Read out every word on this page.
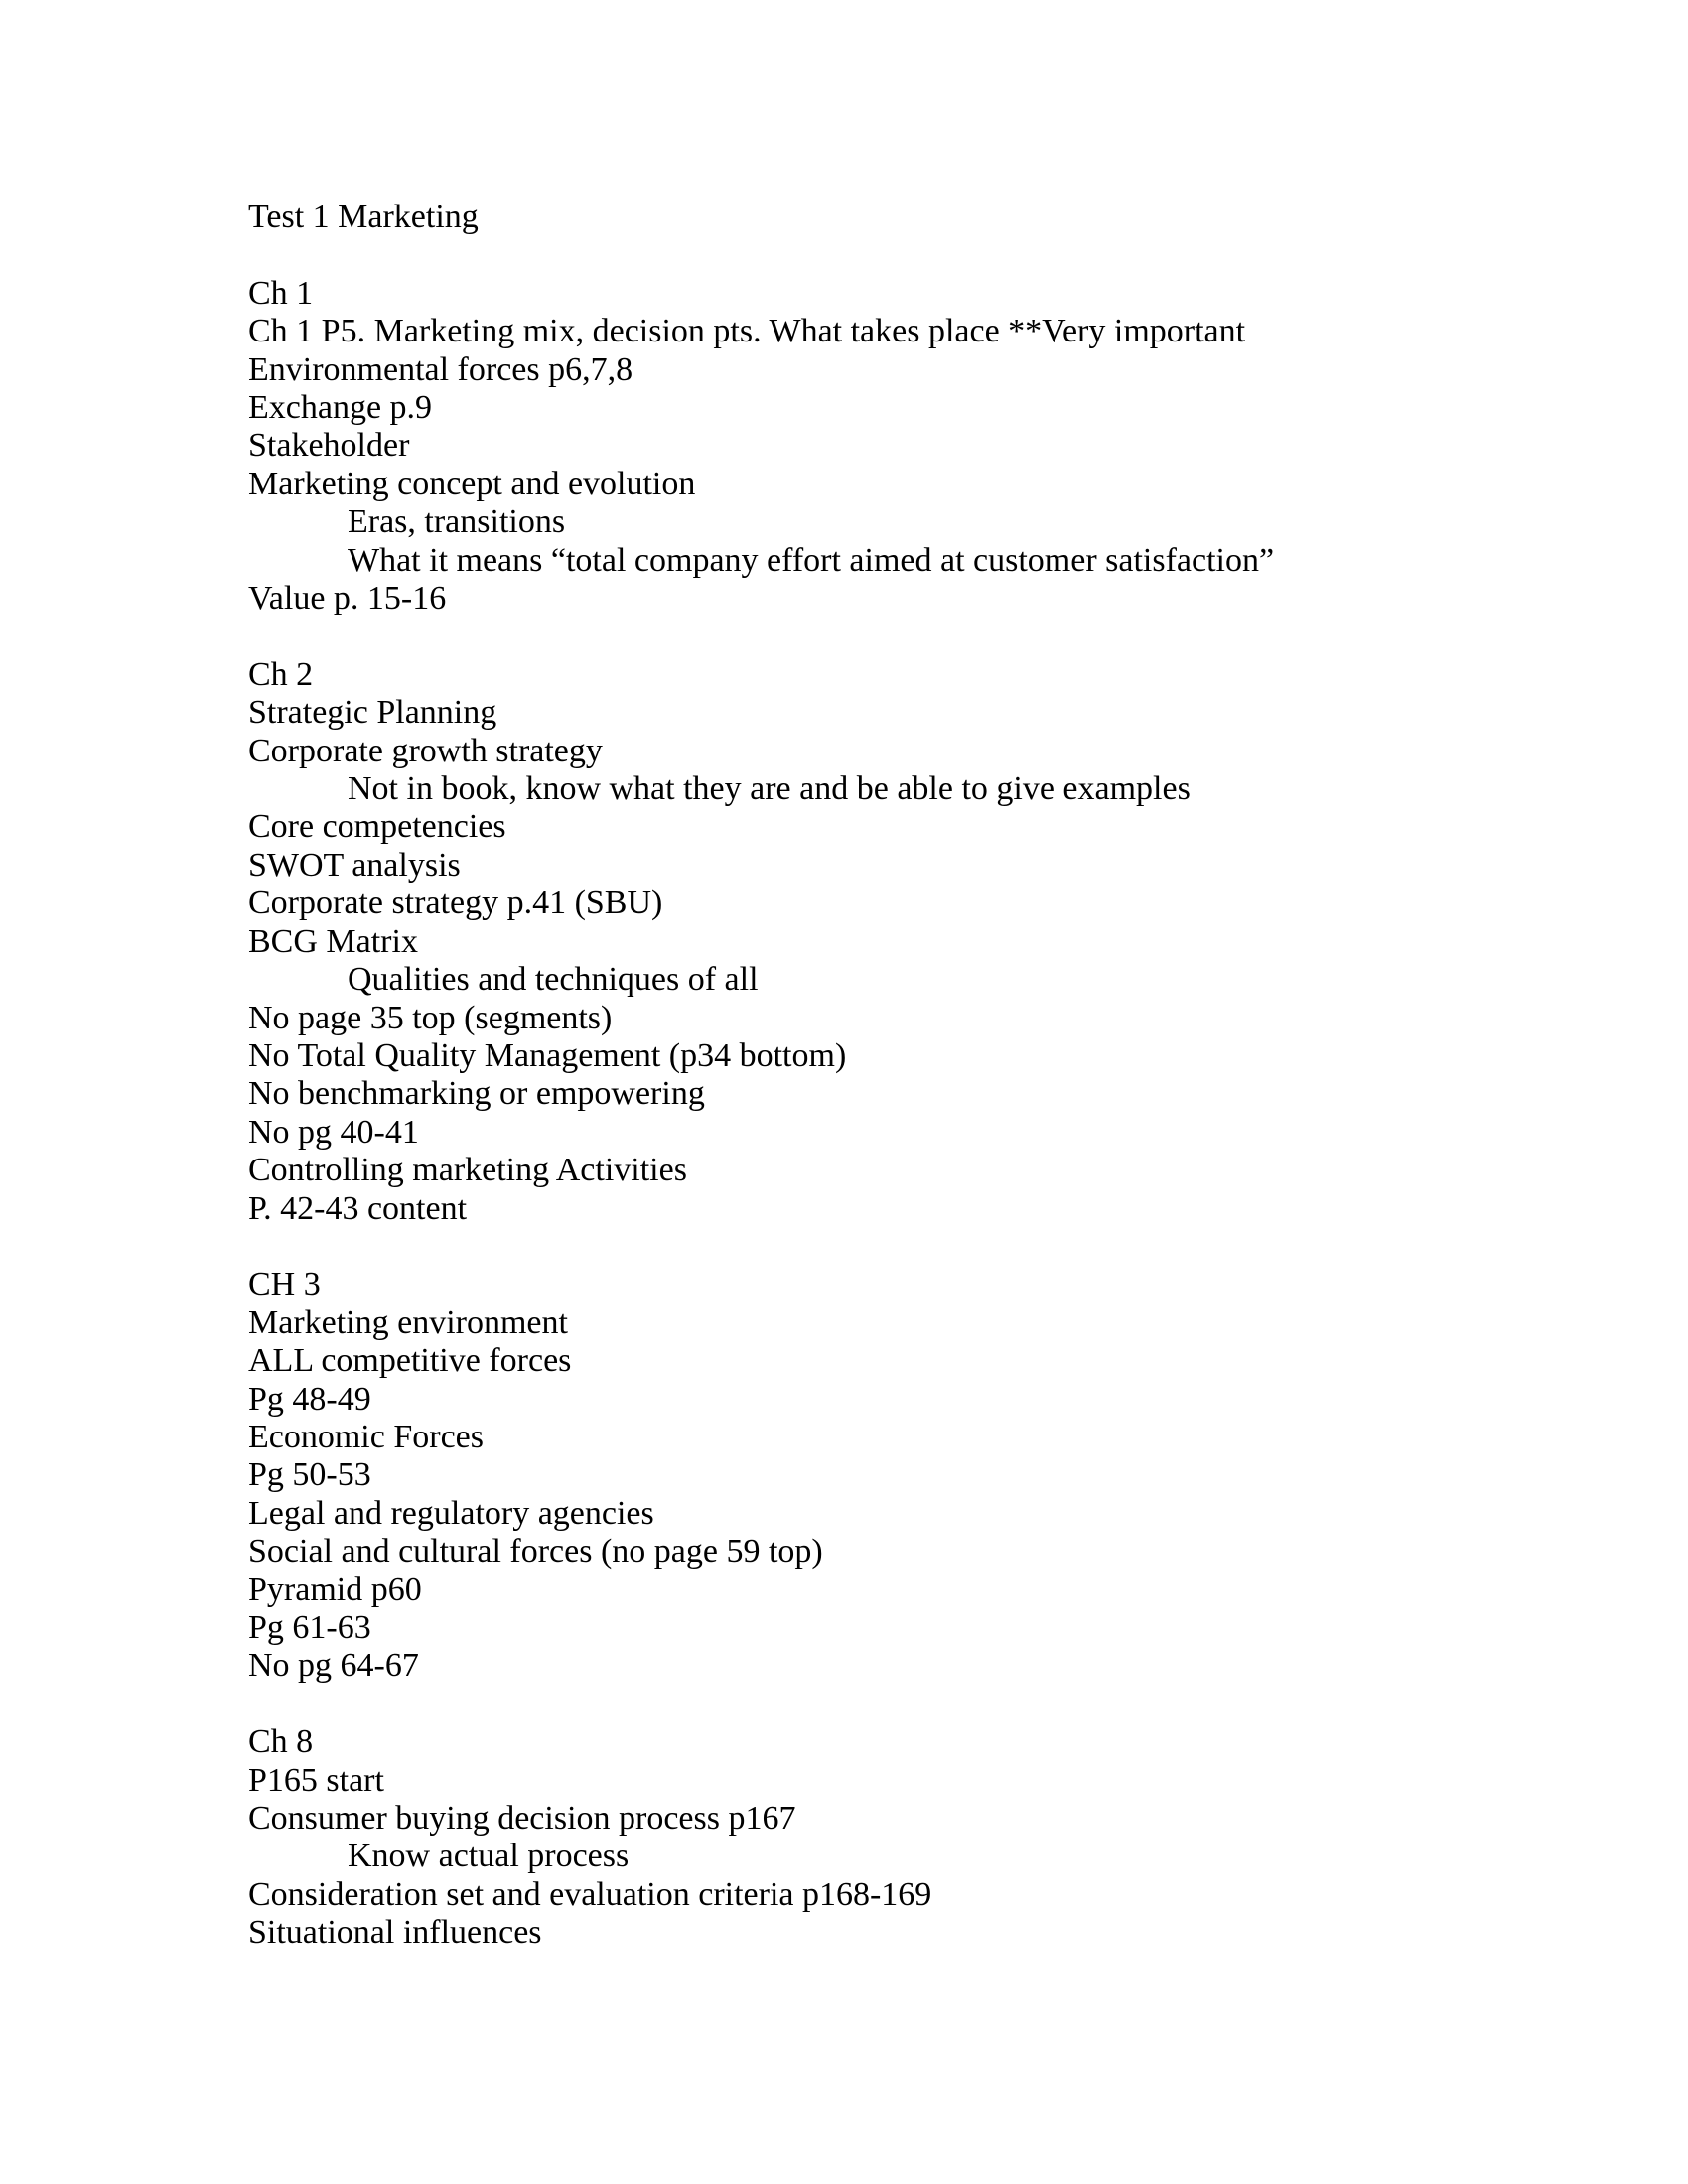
Test 1 Marketing
Ch 1
Ch 1 P5. Marketing mix, decision pts. What takes place **Very important
Environmental forces p6,7,8
Exchange p.9
Stakeholder
Marketing concept and evolution
Eras, transitions
What it means “total company effort aimed at customer satisfaction”
Value p. 15-16
Ch 2
Strategic Planning
Corporate growth strategy
Not in book, know what they are and be able to give examples
Core competencies
SWOT analysis
Corporate strategy p.41 (SBU)
BCG Matrix
Qualities and techniques of all
No page 35 top (segments)
No Total Quality Management (p34 bottom)
No benchmarking or empowering
No pg 40-41
Controlling marketing Activities
P. 42-43 content
CH 3
Marketing environment
ALL competitive forces
Pg 48-49
Economic Forces
Pg 50-53
Legal and regulatory agencies
Social and cultural forces (no page 59 top)
Pyramid p60
Pg 61-63
No pg 64-67
Ch 8
P165 start
Consumer buying decision process p167
Know actual process
Consideration set and evaluation criteria p168-169
Situational influences
